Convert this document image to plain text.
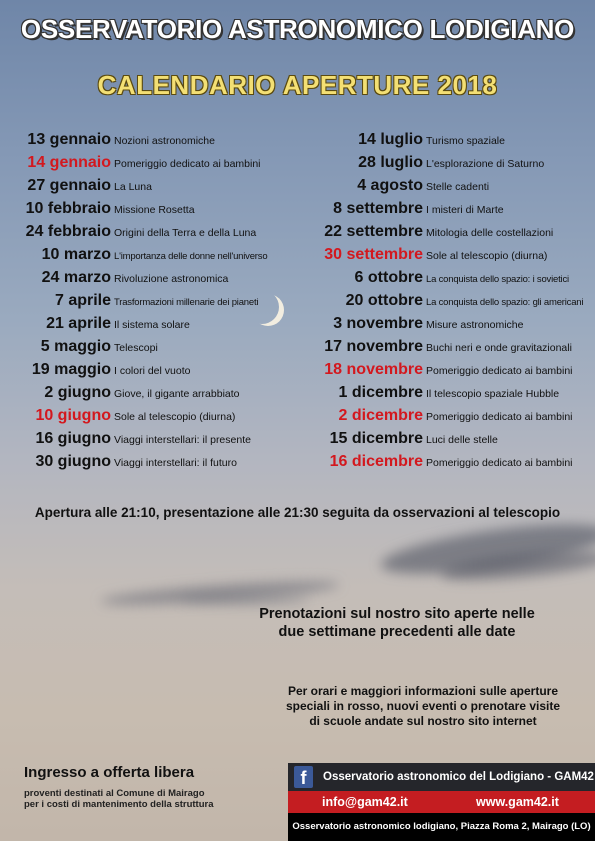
OSSERVATORIO ASTRONOMICO LODIGIANO
CALENDARIO APERTURE 2018
13 gennaio Nozioni astronomiche
14 gennaio Pomeriggio dedicato ai bambini
27 gennaio La Luna
10 febbraio Missione Rosetta
24 febbraio Origini della Terra e della Luna
10 marzo L'importanza delle donne nell'universo
24 marzo Rivoluzione astronomica
7 aprile Trasformazioni millenarie dei pianeti
21 aprile Il sistema solare
5 maggio Telescopi
19 maggio I colori del vuoto
2 giugno Giove, il gigante arrabbiato
10 giugno Sole al telescopio (diurna)
16 giugno Viaggi interstellari: il presente
30 giugno Viaggi interstellari: il futuro
14 luglio Turismo spaziale
28 luglio L'esplorazione di Saturno
4 agosto Stelle cadenti
8 settembre I misteri di Marte
22 settembre Mitologia delle costellazioni
30 settembre Sole al telescopio (diurna)
6 ottobre La conquista dello spazio: i sovietici
20 ottobre La conquista dello spazio: gli americani
3 novembre Misure astronomiche
17 novembre Buchi neri e onde gravitazionali
18 novembre Pomeriggio dedicato ai bambini
1 dicembre Il telescopio spaziale Hubble
2 dicembre Pomeriggio dedicato ai bambini
15 dicembre Luci delle stelle
16 dicembre Pomeriggio dedicato ai bambini
Apertura alle 21:10, presentazione alle 21:30 seguita da osservazioni al telescopio
Prenotazioni sul nostro sito aperte nelle
due settimane precedenti alle date
Per orari e maggiori informazioni sulle aperture
speciali in rosso, nuovi eventi o prenotare visite
di scuole andate sul nostro sito internet
Ingresso a offerta libera
proventi destinati al Comune di Mairago
per i costi di mantenimento della struttura
f	Osservatorio astronomico del Lodigiano - GAM42
info@gam42.it	www.gam42.it
Osservatorio astronomico lodigiano, Piazza Roma 2, Mairago (LO)
